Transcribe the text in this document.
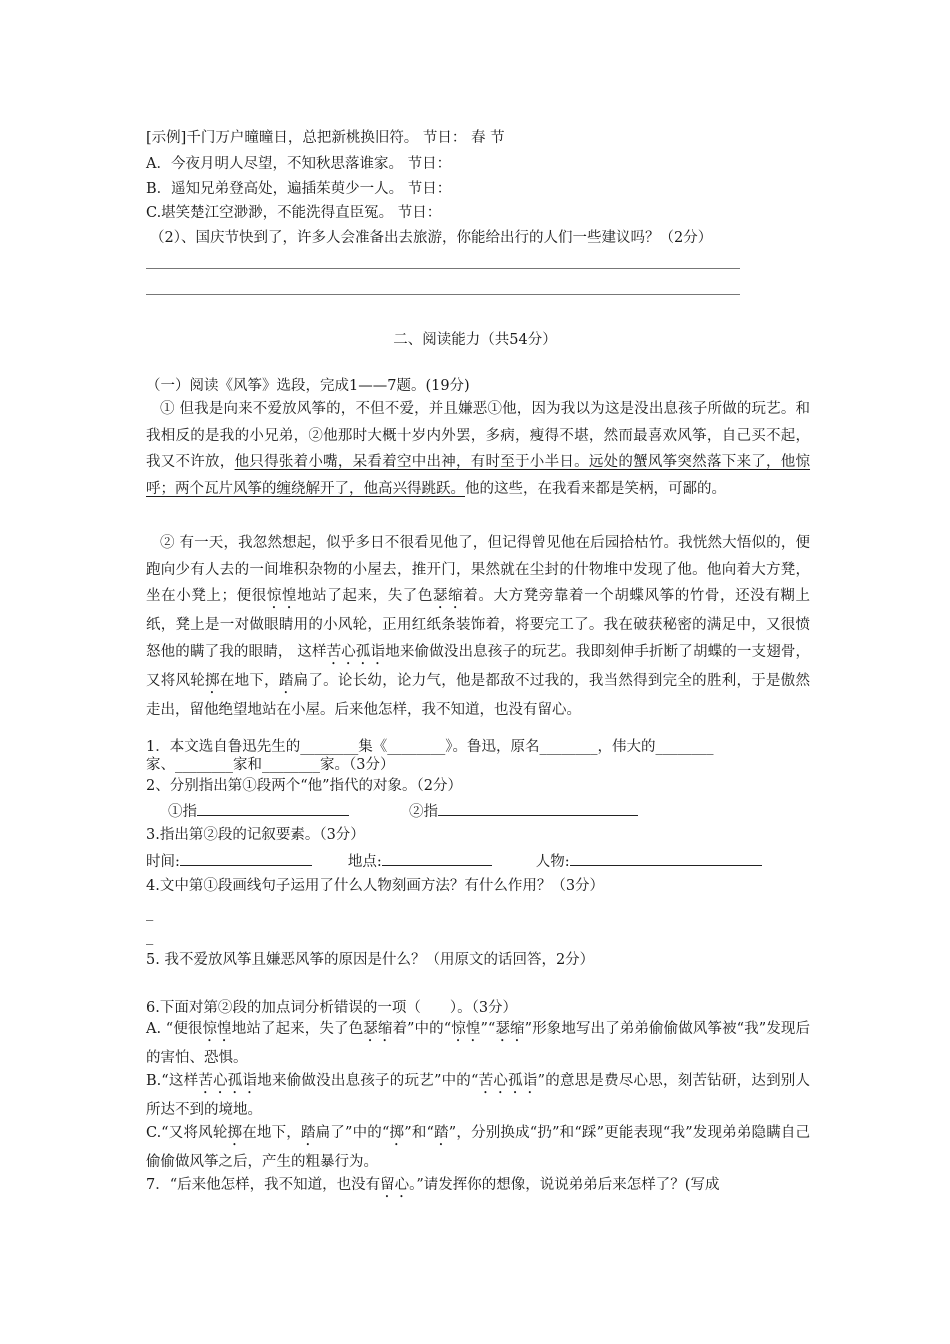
[示例]千门万户曈曈日，总把新桃换旧符。 节日： 春 节
A．今夜月明人尽望，不知秋思落谁家。 节日：
B．遥知兄弟登高处，遍插茱萸少一人。 节日：
C.堪笑楚江空渺渺，不能洗得直臣冤。 节日：
（2）、国庆节快到了，许多人会准备出去旅游，你能给出行的人们一些建议吗？（2分）
二、阅读能力（共54分）
（一）阅读《风筝》选段，完成1——7题。(19分)
① 但我是向来不爱放风筝的，不但不爱，并且嫌恶①他，因为我以为这是没出息孩子所做的玩艺。和我相反的是我的小兄弟，②他那时大概十岁内外罢，多病，瘦得不堪，然而最喜欢风筝，自己买不起，我又不许放，他只得张着小嘴，呆看着空中出神，有时至于小半日。远处的蟹风筝突然落下来了，他惊呼；两个瓦片风筝的缠绕解开了，他高兴得跳跃。他的这些，在我看来都是笑柄，可鄙的。
② 有一天，我忽然想起，似乎多日不很看见他了，但记得曾见他在后园拾枯竹。我恍然大悟似的，便跑向少有人去的一间堆积杂物的小屋去，推开门，果然就在尘封的什物堆中发现了他。他向着大方凳，坐在小凳上；便很惊惶地站了起来，失了色瑟缩着。大方凳旁靠着一个胡蝶风筝的竹骨，还没有糊上纸，凳上是一对做眼睛用的小风轮，正用红纸条装饰着，将要完工了。我在破获秘密的满足中，又很愤怒他的瞒了我的眼睛， 这样苦心孤诣地来偷做没出息孩子的玩艺。我即刻伸手折断了胡蝶的一支翅骨，又将风轮掷在地下，踏扁了。论长幼，论力气，他是都敌不过我的，我当然得到完全的胜利，于是傲然走出，留他绝望地站在小屋。后来他怎样，我不知道，也没有留心。
1．本文选自鲁迅先生的________集《________》。鲁迅，原名________，伟大的________
家、________家和________家。（3分）
2、分别指出第①段两个“他”指代的对象。（2分）
①指	②指
3.指出第②段的记叙要素。（3分）
时间:	地点:	人物:
4.文中第①段画线句子运用了什么人物刻画方法？有什么作用？（3分）
_
_
5. 我不爱放风筝且嫌恶风筝的原因是什么？（用原文的话回答，2分）
6.下面对第②段的加点词分析错误的一项（　　）。（3分）
A. “便很惊惶地站了起来，失了色瑟缩着”中的“惊惶”“瑟缩”形象地写出了弟弟偷偷做风筝被“我”发现后的害怕、恐惧。
B.“这样苦心孤诣地来偷做没出息孩子的玩艺”中的“苦心孤诣”的意思是费尽心思，刻苦钻研，达到别人所达不到的境地。
C.“又将风轮掷在地下，踏扁了”中的“掷”和“踏”，分别换成“扔”和“踩”更能表现“我”发现弟弟隐瞒自己偷偷做风筝之后，产生的粗暴行为。
7．“后来他怎样，我不知道，也没有留心。”请发挥你的想像，说说弟弟后来怎样了？(写成
